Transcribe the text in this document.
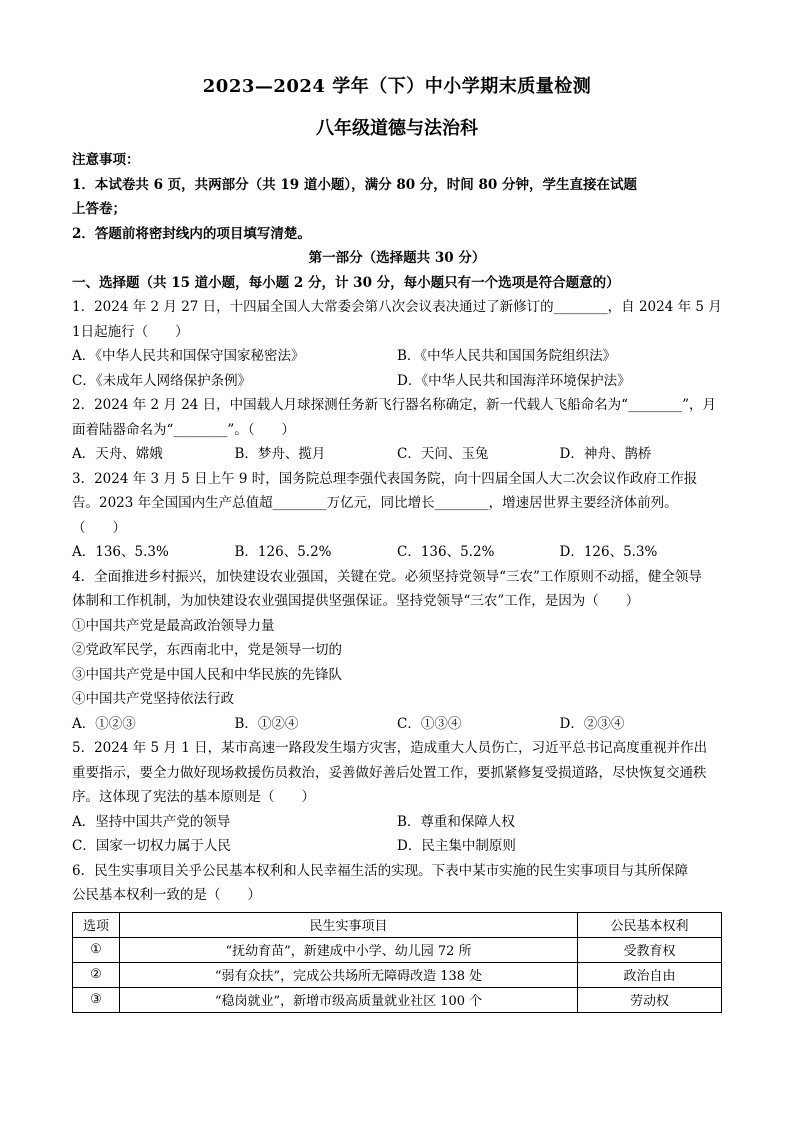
2023—2024 学年（下）中小学期末质量检测
八年级道德与法治科
注意事项：
1．本试卷共 6 页，共两部分（共 19 道小题），满分 80 分，时间 80 分钟，学生直接在试题
上答卷；
2．答题前将密封线内的项目填写清楚。
第一部分（选择题共 30 分）
一、选择题（共 15 道小题，每小题 2 分，计 30 分，每小题只有一个选项是符合题意的）
1．2024 年 2 月 27 日，十四届全国人大常委会第八次会议表决通过了新修订的________，自 2024 年 5 月
1日起施行（　　）
A．《中华人民共和国保守国家秘密法》	B．《中华人民共和国国务院组织法》
C．《未成年人网络保护条例》	D．《中华人民共和国海洋环境保护法》
2．2024 年 2 月 24 日，中国载人月球探测任务新飞行器名称确定，新一代载人飞船命名为“________”，月
面着陆器命名为“________”。（　　）
A．天舟、嫦娥	B．梦舟、揽月	C．天问、玉兔	D．神舟、鹊桥
3．2024 年 3 月 5 日上午 9 时，国务院总理李强代表国务院，向十四届全国人大二次会议作政府工作报
告。2023 年全国国内生产总值超________万亿元，同比增长________，增速居世界主要经济体前列。
（　　）
A．136、5.3%	B．126、5.2%	C．136、5.2%	D．126、5.3%
4．全面推进乡村振兴，加快建设农业强国，关键在党。必须坚持党领导“三农”工作原则不动摇，健全领导
体制和工作机制，为加快建设农业强国提供坚强保证。坚持党领导“三农”工作，是因为（　　）
①中国共产党是最高政治领导力量
②党政军民学，东西南北中，党是领导一切的
③中国共产党是中国人民和中华民族的先锋队
④中国共产党坚持依法行政
A．①②③	B．①②④	C．①③④	D．②③④
5．2024 年 5 月 1 日，某市高速一路段发生塌方灾害，造成重大人员伤亡，习近平总书记高度重视并作出
重要指示，要全力做好现场救援伤员救治，妥善做好善后处置工作，要抓紧修复受损道路，尽快恢复交通秩
序。这体现了宪法的基本原则是（　　）
A．坚持中国共产党的领导	B．尊重和保障人权
C．国家一切权力属于人民	D．民主集中制原则
6．民生实事项目关乎公民基本权利和人民幸福生活的实现。下表中某市实施的民生实事项目与其所保障
公民基本权利一致的是（　　）
选项	民生实事项目	公民基本权利
①	“抚幼育苗”，新建成中小学、幼儿园 72 所	受教育权
②	“弱有众扶”，完成公共场所无障碍改造 138 处	政治自由
③	“稳岗就业”，新增市级高质量就业社区 100 个	劳动权
